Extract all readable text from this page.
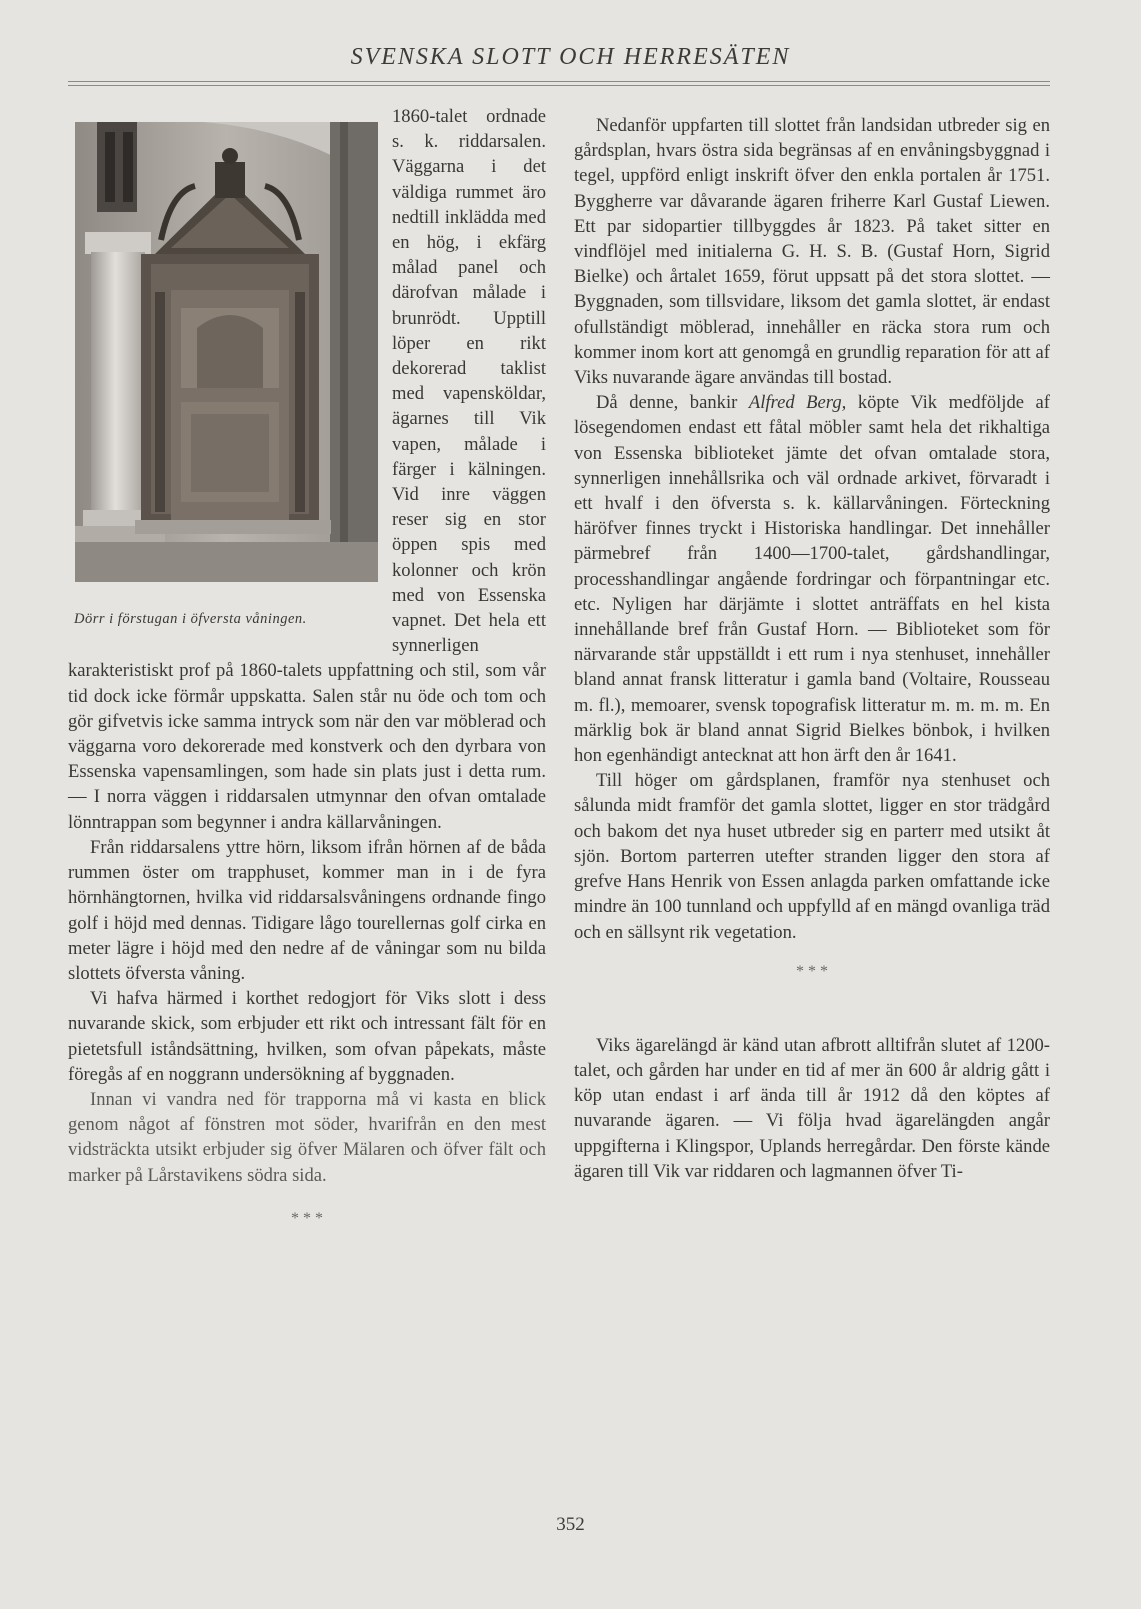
SVENSKA SLOTT OCH HERRESÄTEN
Dörr i förstugan i öfversta våningen.

1860-talet ordnade s. k. riddarsalen. Väggarna i det väldiga rummet äro nedtill inklädda med en hög, i ekfärg målad panel och därofvan målade i brunrödt. Upptill löper en rikt dekorerad taklist med vapensköldar, ägarnes till Vik vapen, målade i färger i kälningen. Vid inre väggen reser sig en stor öppen spis med kolonner och krön med von Essenska vapnet. Det hela ett synnerligen karakteristiskt prof på 1860-talets uppfattning och stil, som vår tid dock icke förmår uppskatta. Salen står nu öde och tom och gör gifvetvis icke samma intryck som när den var möblerad och väggarna voro dekorerade med konstverk och den dyrbara von Essenska vapensamlingen, som hade sin plats just i detta rum. — I norra väggen i riddarsalen utmynnar den ofvan omtalade lönntrappan som begynner i andra källarvåningen.

Från riddarsalens yttre hörn, liksom ifrån hörnen af de båda rummen öster om trapphuset, kommer man in i de fyra hörnhängtornen, hvilka vid riddarsalsvåningens ordnande fingo golf i höjd med dennas. Tidigare lågo tourellernas golf cirka en meter lägre i höjd med den nedre af de våningar som nu bilda slottets öfversta våning.

Vi hafva härmed i korthet redogjort för Viks slott i dess nuvarande skick, som erbjuder ett rikt och intressant fält för en pietetsfull iståndsättning, hvilken, som ofvan påpekats, måste föregås af en noggrann undersökning af byggnaden.

Innan vi vandra ned för trapporna må vi kasta en blick genom något af fönstren mot söder, hvarifrån en den mest vidsträckta utsikt erbjuder sig öfver Mälaren och öfver fält och marker på Lårstavikens södra sida.

* * *

Nedanför uppfarten till slottet från landsidan utbreder sig en gårdsplan, hvars östra sida begränsas af en envåningsbyggnad i tegel, uppförd enligt inskrift öfver den enkla portalen år 1751. Byggherre var dåvarande ägaren friherre Karl Gustaf Liewen. Ett par sidopartier tillbyggdes år 1823. På taket sitter en vindflöjel med initialerna G. H. S. B. (Gustaf Horn, Sigrid Bielke) och årtalet 1659, förut uppsatt på det stora slottet. — Byggnaden, som tillsvidare, liksom det gamla slottet, är endast ofullständigt möblerad, innehåller en räcka stora rum och kommer inom kort att genomgå en grundlig reparation för att af Viks nuvarande ägare användas till bostad.

Då denne, bankir Alfred Berg, köpte Vik medföljde af lösegendomen endast ett fåtal möbler samt hela det rikhaltiga von Essenska biblioteket jämte det ofvan omtalade stora, synnerligen innehållsrika och väl ordnade arkivet, förvaradt i ett hvalf i den öfversta s. k. källarvåningen. Förteckning häröfver finnes tryckt i Historiska handlingar. Det innehåller pärmebref från 1400—1700-talet, gårdshandlingar, processhandlingar angående fordringar och förpantningar etc. etc. Nyligen har därjämte i slottet anträffats en hel kista innehållande bref från Gustaf Horn. — Biblioteket som för närvarande står uppställdt i ett rum i nya stenhuset, innehåller bland annat fransk litteratur i gamla band (Voltaire, Rousseau m. fl.), memoarer, svensk topografisk litteratur m. m. m. m. En märklig bok är bland annat Sigrid Bielkes bönbok, i hvilken hon egenhändigt antecknat att hon ärft den år 1641.

Till höger om gårdsplanen, framför nya stenhuset och sålunda midt framför det gamla slottet, ligger en stor trädgård och bakom det nya huset utbreder sig en parterr med utsikt åt sjön. Bortom parterren utefter stranden ligger den stora af grefve Hans Henrik von Essen anlagda parken omfattande icke mindre än 100 tunnland och uppfylld af en mängd ovanliga träd och en sällsynt rik vegetation.

* * *

Viks ägarelängd är känd utan afbrott alltifrån slutet af 1200-talet, och gården har under en tid af mer än 600 år aldrig gått i köp utan endast i arf ända till år 1912 då den köptes af nuvarande ägaren. — Vi följa hvad ägarelängden angår uppgifterna i Klingspor, Uplands herregårdar. Den förste kände ägaren till Vik var riddaren och lagmannen öfver Ti-

352
